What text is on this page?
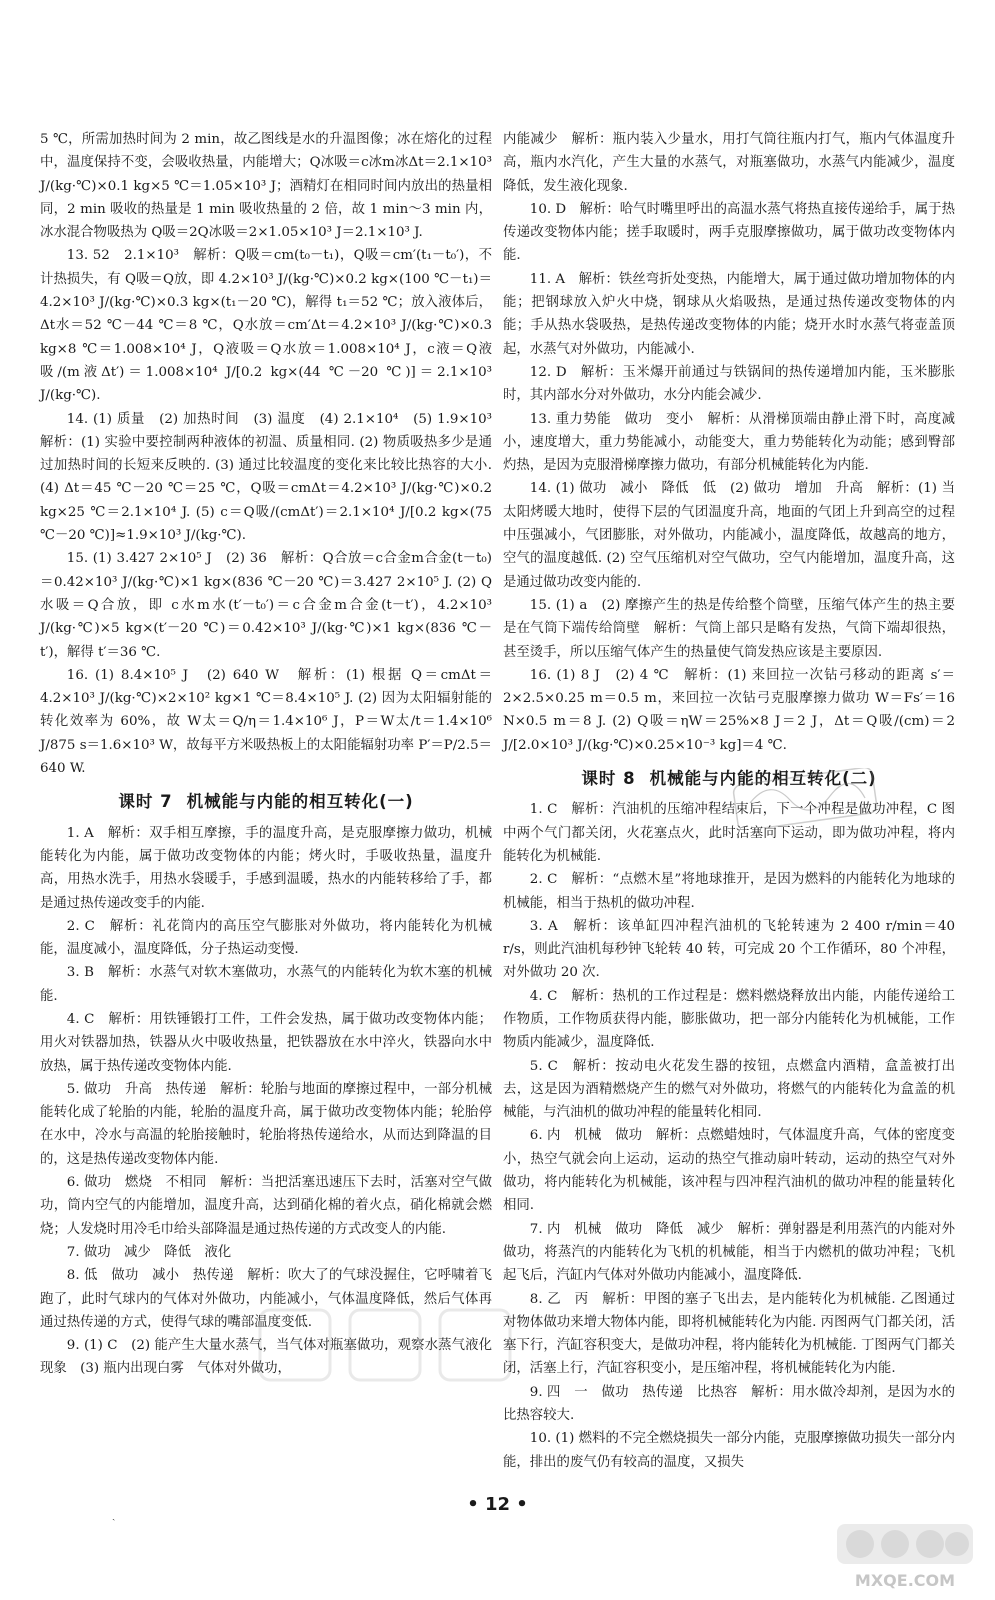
5 ℃，所需加热时间为 2 min，故乙图线是水的升温图像；冰在熔化的过程中，温度保持不变，会吸收热量，内能增大；Q冰吸＝c冰m冰Δt＝2.1×10³ J/(kg·℃)×0.1 kg×5 ℃＝1.05×10³ J；酒精灯在相同时间内放出的热量相同，2 min 吸收的热量是 1 min 吸收热量的 2 倍，故 1 min～3 min 内，冰水混合物吸热为 Q吸＝2Q冰吸＝2×1.05×10³ J＝2.1×10³ J.

13. 52　2.1×10³　解析：Q吸＝cm(t₀－t₁)，Q吸＝cm′(t₁－t₀′)，不计热损失，有 Q吸＝Q放，即 4.2×10³ J/(kg·℃)×0.2 kg×(100 ℃－t₁)＝4.2×10³ J/(kg·℃)×0.3 kg×(t₁－20 ℃)，解得 t₁＝52 ℃；放入液体后，Δt水＝52 ℃－44 ℃＝8 ℃，Q水放＝cm′Δt＝4.2×10³ J/(kg·℃)×0.3 kg×8 ℃＝1.008×10⁴ J，Q液吸＝Q水放＝1.008×10⁴ J，c液＝Q液吸/(m液Δt′)＝1.008×10⁴ J/[0.2 kg×(44 ℃－20 ℃)]＝2.1×10³ J/(kg·℃).

14. (1) 质量　(2) 加热时间　(3) 温度　(4) 2.1×10⁴　(5) 1.9×10³　解析：(1) 实验中要控制两种液体的初温、质量相同. (2) 物质吸热多少是通过加热时间的长短来反映的. (3) 通过比较温度的变化来比较比热容的大小. (4) Δt＝45 ℃－20 ℃＝25 ℃，Q吸＝cmΔt＝4.2×10³ J/(kg·℃)×0.2 kg×25 ℃＝2.1×10⁴ J. (5) c＝Q吸/(cmΔt′)＝2.1×10⁴ J/[0.2 kg×(75 ℃－20 ℃)]≈1.9×10³ J/(kg·℃).

15. (1) 3.427 2×10⁵ J　(2) 36　解析：Q合放＝c合金m合金(t－t₀)＝0.42×10³ J/(kg·℃)×1 kg×(836 ℃－20 ℃)＝3.427 2×10⁵ J. (2) Q水吸＝Q合放，即 c水m水(t′－t₀′)＝c合金m合金(t－t′)，4.2×10³ J/(kg·℃)×5 kg×(t′－20 ℃)＝0.42×10³ J/(kg·℃)×1 kg×(836 ℃－t′)，解得 t′＝36 ℃.

16. (1) 8.4×10⁵ J　(2) 640 W　解析：(1) 根据 Q＝cmΔt＝4.2×10³ J/(kg·℃)×2×10² kg×1 ℃＝8.4×10⁵ J. (2) 因为太阳辐射能的转化效率为 60%，故 W太＝Q/η＝1.4×10⁶ J，P＝W太/t＝1.4×10⁶ J/875 s＝1.6×10³ W，故每平方米吸热板上的太阳能辐射功率 P′＝P/2.5＝640 W.

课时 7 机械能与内能的相互转化(一)

1. A　解析：双手相互摩擦，手的温度升高，是克服摩擦力做功，机械能转化为内能，属于做功改变物体的内能；烤火时，手吸收热量，温度升高，用热水洗手，用热水袋暖手，手感到温暖，热水的内能转移给了手，都是通过热传递改变手的内能.

2. C　解析：礼花筒内的高压空气膨胀对外做功，将内能转化为机械能，温度减小，温度降低，分子热运动变慢.

3. B　解析：水蒸气对软木塞做功，水蒸气的内能转化为软木塞的机械能.

4. C　解析：用铁锤锻打工件，工件会发热，属于做功改变物体内能；用火对铁器加热，铁器从火中吸收热量，把铁器放在水中淬火，铁器向水中放热，属于热传递改变物体内能.

5. 做功　升高　热传递　解析：轮胎与地面的摩擦过程中，一部分机械能转化成了轮胎的内能，轮胎的温度升高，属于做功改变物体内能；轮胎停在水中，冷水与高温的轮胎接触时，轮胎将热传递给水，从而达到降温的目的，这是热传递改变物体内能.

6. 做功　燃烧　不相同　解析：当把活塞迅速压下去时，活塞对空气做功，筒内空气的内能增加，温度升高，达到硝化棉的着火点，硝化棉就会燃烧；人发烧时用冷毛巾给头部降温是通过热传递的方式改变人的内能.

7. 做功　减少　降低　液化

8. 低　做功　减小　热传递　解析：吹大了的气球没握住，它呼啸着飞跑了，此时气球内的气体对外做功，内能减小，气体温度降低，然后气体再通过热传递的方式，使得气球的嘴部温度变低.

9. (1) C　(2) 能产生大量水蒸气，当气体对瓶塞做功，观察水蒸气液化现象　(3) 瓶内出现白雾　气体对外做功，

内能减少　解析：瓶内装入少量水，用打气筒往瓶内打气，瓶内气体温度升高，瓶内水汽化，产生大量的水蒸气，对瓶塞做功，水蒸气内能减少，温度降低，发生液化现象.

10. D　解析：哈气时嘴里呼出的高温水蒸气将热直接传递给手，属于热传递改变物体内能；搓手取暖时，两手克服摩擦做功，属于做功改变物体内能.

11. A　解析：铁丝弯折处变热，内能增大，属于通过做功增加物体的内能；把钢球放入炉火中烧，钢球从火焰吸热，是通过热传递改变物体的内能；手从热水袋吸热，是热传递改变物体的内能；烧开水时水蒸气将壶盖顶起，水蒸气对外做功，内能减小.

12. D　解析：玉米爆开前通过与铁锅间的热传递增加内能，玉米膨胀时，其内部水分对外做功，水分内能会减少.

13. 重力势能　做功　变小　解析：从滑梯顶端由静止滑下时，高度减小，速度增大，重力势能减小，动能变大，重力势能转化为动能；感到臀部灼热，是因为克服滑梯摩擦力做功，有部分机械能转化为内能.

14. (1) 做功　减小　降低　低　(2) 做功　增加　升高　解析：(1) 当太阳烤暖大地时，使得下层的气团温度升高，地面的气团上升到高空的过程中压强减小，气团膨胀，对外做功，内能减小，温度降低，故越高的地方，空气的温度越低. (2) 空气压缩机对空气做功，空气内能增加，温度升高，这是通过做功改变内能的.

15. (1) a　(2) 摩擦产生的热是传给整个筒壁，压缩气体产生的热主要是在气筒下端传给筒壁　解析：气筒上部只是略有发热，气筒下端却很热，甚至烫手，所以压缩气体产生的热量使气筒发热应该是主要原因.

16. (1) 8 J　(2) 4 ℃　解析：(1) 来回拉一次钻弓移动的距离 s′＝2×2.5×0.25 m＝0.5 m，来回拉一次钻弓克服摩擦力做功 W＝Fs′＝16 N×0.5 m＝8 J. (2) Q吸＝ηW＝25%×8 J＝2 J，Δt＝Q吸/(cm)＝2 J/[2.0×10³ J/(kg·℃)×0.25×10⁻³ kg]＝4 ℃.

课时 8 机械能与内能的相互转化(二)

1. C　解析：汽油机的压缩冲程结束后，下一个冲程是做功冲程，C 图中两个气门都关闭，火花塞点火，此时活塞向下运动，即为做功冲程，将内能转化为机械能.

2. C　解析：“点燃木星”将地球推开，是因为燃料的内能转化为地球的机械能，相当于热机的做功冲程.

3. A　解析：该单缸四冲程汽油机的飞轮转速为 2 400 r/min＝40 r/s，则此汽油机每秒钟飞轮转 40 转，可完成 20 个工作循环，80 个冲程，对外做功 20 次.

4. C　解析：热机的工作过程是：燃料燃烧释放出内能，内能传递给工作物质，工作物质获得内能，膨胀做功，把一部分内能转化为机械能，工作物质内能减少，温度降低.

5. C　解析：按动电火花发生器的按钮，点燃盒内酒精，盒盖被打出去，这是因为酒精燃烧产生的燃气对外做功，将燃气的内能转化为盒盖的机械能，与汽油机的做功冲程的能量转化相同.

6. 内　机械　做功　解析：点燃蜡烛时，气体温度升高，气体的密度变小，热空气就会向上运动，运动的热空气推动扇叶转动，运动的热空气对外做功，将内能转化为机械能，该冲程与四冲程汽油机的做功冲程的能量转化相同.

7. 内　机械　做功　降低　减少　解析：弹射器是利用蒸汽的内能对外做功，将蒸汽的内能转化为飞机的机械能，相当于内燃机的做功冲程；飞机起飞后，汽缸内气体对外做功内能减小，温度降低.

8. 乙　丙　解析：甲图的塞子飞出去，是内能转化为机械能. 乙图通过对物体做功来增大物体内能，即将机械能转化为内能. 丙图两气门都关闭，活塞下行，汽缸容积变大，是做功冲程，将内能转化为机械能. 丁图两气门都关闭，活塞上行，汽缸容积变小，是压缩冲程，将机械能转化为内能.

9. 四　一　做功　热传递　比热容　解析：用水做冷却剂，是因为水的比热容较大.

10. (1) 燃料的不完全燃烧损失一部分内能，克服摩擦做功损失一部分内能，排出的废气仍有较高的温度，又损失

ˎ
• 12 •
MXQE.COM
